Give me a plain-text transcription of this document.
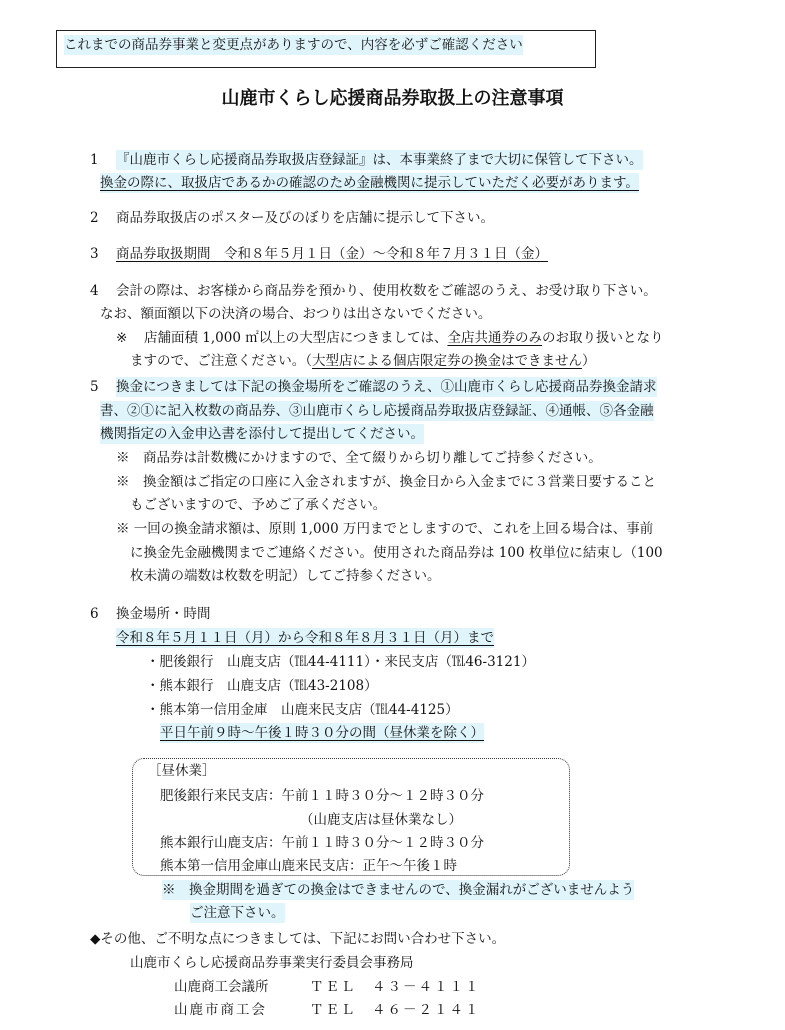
これまでの商品券事業と変更点がありますので、内容を必ずご確認ください
山鹿市くらし応援商品券取扱上の注意事項
1 『山鹿市くらし応援商品券取扱店登録証』は、本事業終了まで大切に保管して下さい。
換金の際に、取扱店であるかの確認のため金融機関に提示していただく必要があります。
2 商品券取扱店のポスター及びのぼりを店舗に提示して下さい。
3 商品券取扱期間　令和８年５月１日（金）～令和８年７月３１日（金）
4 会計の際は、お客様から商品券を預かり、使用枚数をご確認のうえ、お受け取り下さい。
なお、額面額以下の決済の場合、おつりは出さないでください。
※ 店舗面積 1,000 ㎡以上の大型店につきましては、全店共通券のみのお取り扱いとなり
ますので、ご注意ください。（大型店による個店限定券の換金はできません）
5 換金につきましては下記の換金場所をご確認のうえ、①山鹿市くらし応援商品券換金請求
書、②①に記入枚数の商品券、③山鹿市くらし応援商品券取扱店登録証、④通帳、⑤各金融
機関指定の入金申込書を添付して提出してください。
※　商品券は計数機にかけますので、全て綴りから切り離してご持参ください。
※　換金額はご指定の口座に入金されますが、換金日から入金までに３営業日要すること
もございますので、予めご了承ください。
※ 一回の換金請求額は、原則 1,000 万円までとしますので、これを上回る場合は、事前
に換金先金融機関までご連絡ください。使用された商品券は 100 枚単位に結束し（100
枚未満の端数は枚数を明記）してご持参ください。
6 換金場所・時間
令和８年５月１１日（月）から令和８年８月３１日（月）まで
・肥後銀行　山鹿支店（℡44-4111）・来民支店（℡46-3121）
・熊本銀行　山鹿支店（℡43-2108）
・熊本第一信用金庫　山鹿来民支店（℡44-4125）
平日午前９時～午後１時３０分の間（昼休業を除く）
［昼休業］
肥後銀行来民支店：午前１１時３０分～１２時３０分
（山鹿支店は昼休業なし）
熊本銀行山鹿支店：午前１１時３０分～１２時３０分
熊本第一信用金庫山鹿来民支店：正午～午後１時
※　換金期間を過ぎての換金はできませんので、換金漏れがございませんよう
ご注意下さい。
◆その他、ご不明な点につきましては、下記にお問い合わせ下さい。
山鹿市くらし応援商品券事業実行委員会事務局
山鹿商工会議所	ＴＥＬ　４３－４１１１
山鹿市商工会	ＴＥＬ　４６－２１４１
